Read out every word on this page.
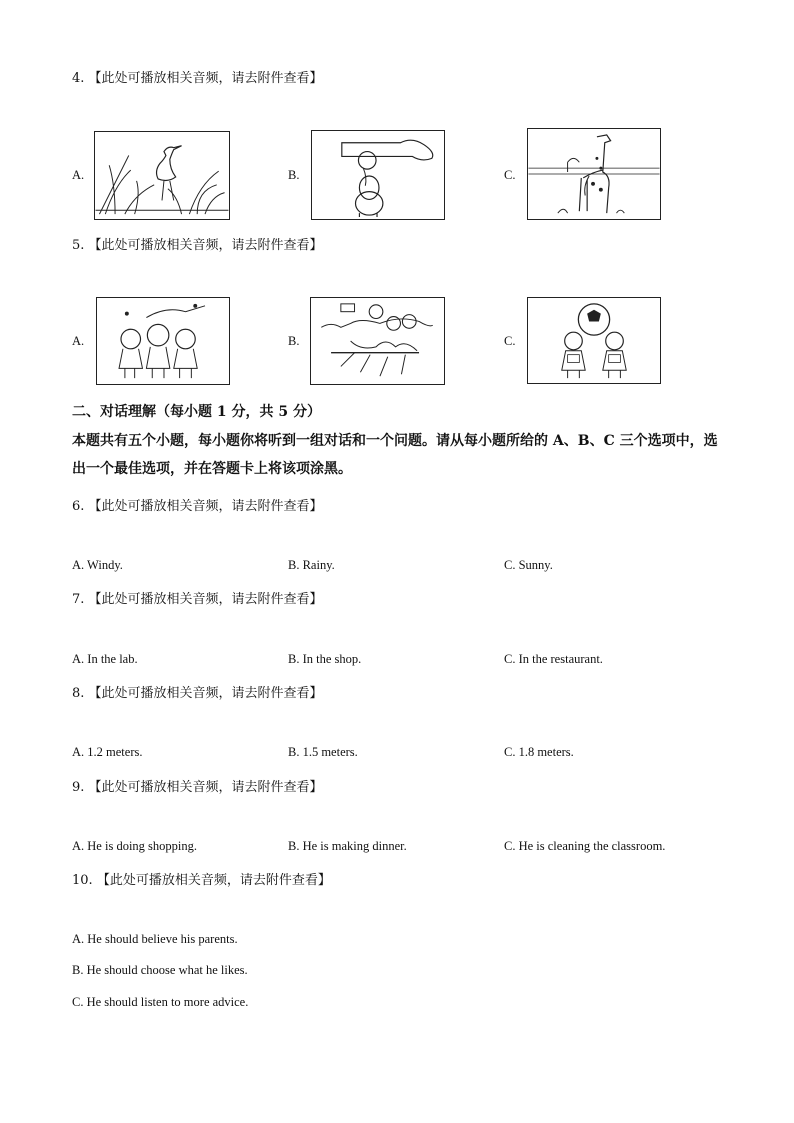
4. 【此处可播放相关音频，请去附件查看】
A.	B.	C.
5. 【此处可播放相关音频，请去附件查看】
A.	B.	C.
二、对话理解（每小题 1 分，共 5 分）
本题共有五个小题，每小题你将听到一组对话和一个问题。请从每小题所给的 A、B、C 三个选项中，选出一个最佳选项，并在答题卡上将该项涂黑。
6. 【此处可播放相关音频，请去附件查看】
A. Windy.	B. Rainy.	C. Sunny.
7. 【此处可播放相关音频，请去附件查看】
A. In the lab.	B. In the shop.	C. In the restaurant.
8. 【此处可播放相关音频，请去附件查看】
A. 1.2 meters.	B. 1.5 meters.	C. 1.8 meters.
9. 【此处可播放相关音频，请去附件查看】
A. He is doing shopping.	B. He is making dinner.	C. He is cleaning the classroom.
10. 【此处可播放相关音频，请去附件查看】
A. He should believe his parents.
B. He should choose what he likes.
C. He should listen to more advice.
